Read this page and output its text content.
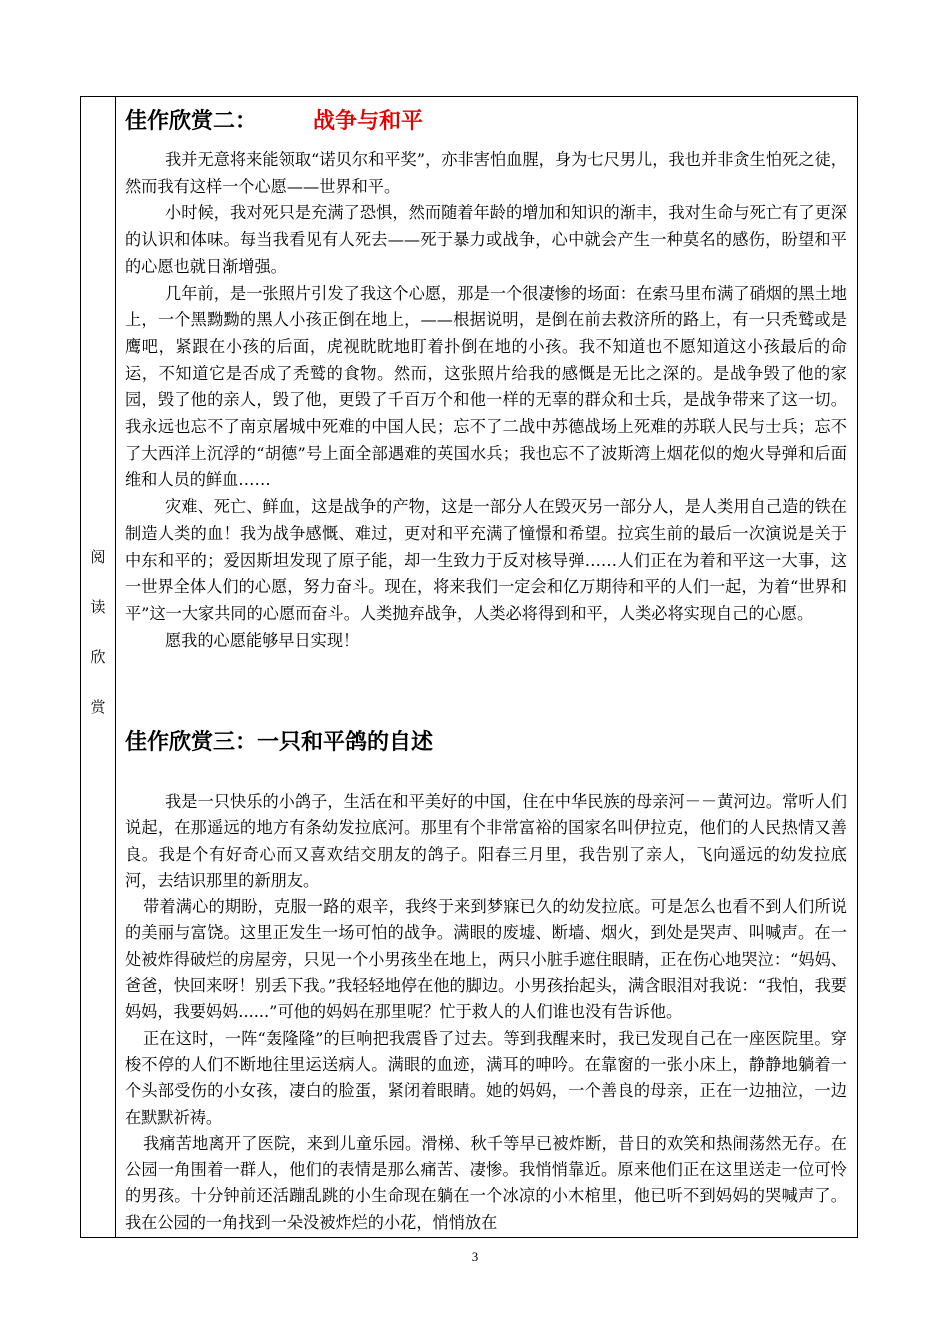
阅
读
欣
赏
佳作欣赏二：	战争与和平

我并无意将来能领取“诺贝尔和平奖”，亦非害怕血腥，身为七尺男儿，我也并非贪生怕死之徒，然而我有这样一个心愿——世界和平。

小时候，我对死只是充满了恐惧，然而随着年龄的增加和知识的渐丰，我对生命与死亡有了更深的认识和体味。每当我看见有人死去——死于暴力或战争，心中就会产生一种莫名的感伤，盼望和平的心愿也就日渐增强。

几年前，是一张照片引发了我这个心愿，那是一个很凄惨的场面：在索马里布满了硝烟的黑土地上，一个黑黝黝的黑人小孩正倒在地上，——根据说明，是倒在前去救济所的路上，有一只秃鹫或是鹰吧，紧跟在小孩的后面，虎视眈眈地盯着扑倒在地的小孩。我不知道也不愿知道这小孩最后的命运，不知道它是否成了秃鹫的食物。然而，这张照片给我的感慨是无比之深的。是战争毁了他的家园，毁了他的亲人，毁了他，更毁了千百万个和他一样的无辜的群众和士兵，是战争带来了这一切。我永远也忘不了南京屠城中死难的中国人民；忘不了二战中苏德战场上死难的苏联人民与士兵；忘不了大西洋上沉浮的“胡德”号上面全部遇难的英国水兵；我也忘不了波斯湾上烟花似的炮火导弹和后面维和人员的鲜血……

灾难、死亡、鲜血，这是战争的产物，这是一部分人在毁灭另一部分人，是人类用自己造的铁在制造人类的血！我为战争感慨、难过，更对和平充满了憧憬和希望。拉宾生前的最后一次演说是关于中东和平的；爱因斯坦发现了原子能，却一生致力于反对核导弹……人们正在为着和平这一大事，这一世界全体人们的心愿，努力奋斗。现在，将来我们一定会和亿万期待和平的人们一起，为着“世界和平”这一大家共同的心愿而奋斗。人类抛弃战争，人类必将得到和平，人类必将实现自己的心愿。

愿我的心愿能够早日实现！

佳作欣赏三：一只和平鸽的自述

我是一只快乐的小鸽子，生活在和平美好的中国，住在中华民族的母亲河－－黄河边。常听人们说起，在那遥远的地方有条幼发拉底河。那里有个非常富裕的国家名叫伊拉克，他们的人民热情又善良。我是个有好奇心而又喜欢结交朋友的鸽子。阳春三月里，我告别了亲人，飞向遥远的幼发拉底河，去结识那里的新朋友。

带着满心的期盼，克服一路的艰辛，我终于来到梦寐已久的幼发拉底。可是怎么也看不到人们所说的美丽与富饶。这里正发生一场可怕的战争。满眼的废墟、断墙、烟火，到处是哭声、叫喊声。在一处被炸得破烂的房屋旁，只见一个小男孩坐在地上，两只小脏手遮住眼睛，正在伤心地哭泣：“妈妈、爸爸，快回来呀！别丢下我。”我轻轻地停在他的脚边。小男孩抬起头，满含眼泪对我说：“我怕，我要妈妈，我要妈妈......”可他的妈妈在那里呢？忙于救人的人们谁也没有告诉他。

正在这时，一阵“轰隆隆”的巨响把我震昏了过去。等到我醒来时，我已发现自己在一座医院里。穿梭不停的人们不断地往里运送病人。满眼的血迹，满耳的呻吟。在靠窗的一张小床上，静静地躺着一个头部受伤的小女孩，凄白的脸蛋，紧闭着眼睛。她的妈妈，一个善良的母亲，正在一边抽泣，一边在默默祈祷。

我痛苦地离开了医院，来到儿童乐园。滑梯、秋千等早已被炸断，昔日的欢笑和热闹荡然无存。在公园一角围着一群人，他们的表情是那么痛苦、凄惨。我悄悄靠近。原来他们正在这里送走一位可怜的男孩。十分钟前还活蹦乱跳的小生命现在躺在一个冰凉的小木棺里，他已听不到妈妈的哭喊声了。我在公园的一角找到一朵没被炸烂的小花，悄悄放在

3
